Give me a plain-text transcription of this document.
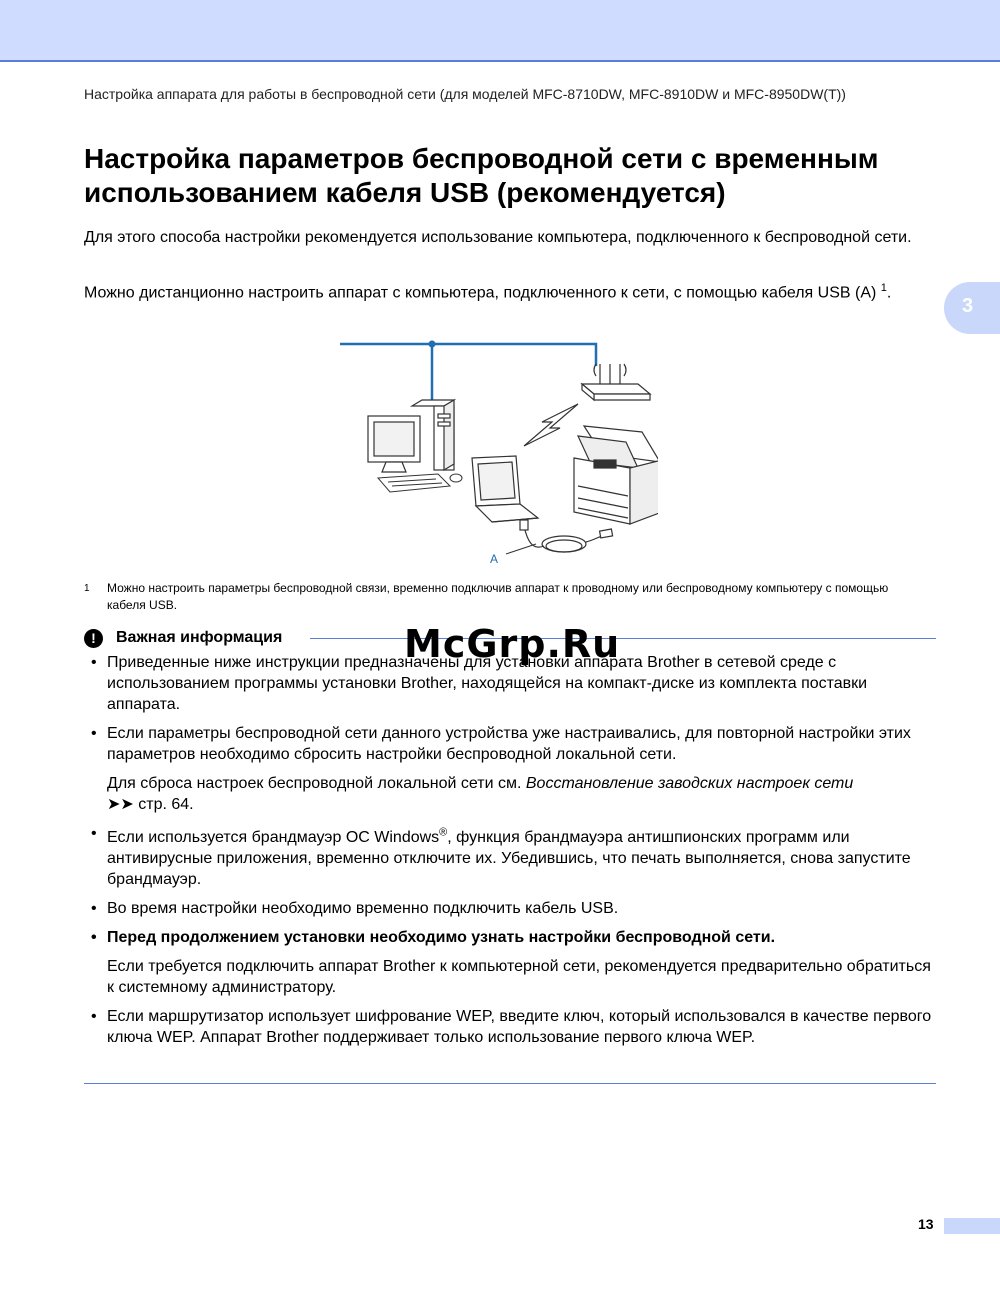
Настройка аппарата для работы в беспроводной сети (для моделей MFC-8710DW, MFC-8910DW и MFC-8950DW(T))
3
Настройка параметров беспроводной сети с временным использованием кабеля USB (рекомендуется)
Для этого способа настройки рекомендуется использование компьютера, подключенного к беспроводной сети.
Можно дистанционно настроить аппарат с компьютера, подключенного к сети, с помощью кабеля USB (A) $^1$.
A
1 Можно настроить параметры беспроводной связи, временно подключив аппарат к проводному или беспроводному компьютеру с помощью кабеля USB.
!	Важная информация
• Приведенные ниже инструкции предназначены для установки аппарата Brother в сетевой среде с использованием программы установки Brother, находящейся на компакт-диске из комплекта поставки аппарата.
• Если параметры беспроводной сети данного устройства уже настраивались, для повторной настройки этих параметров необходимо сбросить настройки беспроводной локальной сети.
Для сброса настроек беспроводной локальной сети см. Восстановление заводских настроек сети
➤➤ стр. 64.
• Если используется брандмауэр ОС Windows®, функция брандмауэра антишпионских программ или антивирусные приложения, временно отключите их. Убедившись, что печать выполняется, снова запустите брандмауэр.
• Во время настройки необходимо временно подключить кабель USB.
• Перед продолжением установки необходимо узнать настройки беспроводной сети.
Если требуется подключить аппарат Brother к компьютерной сети, рекомендуется предварительно обратиться к системному администратору.
• Если маршрутизатор использует шифрование WEP, введите ключ, который использовался в качестве первого ключа WEP. Аппарат Brother поддерживает только использование первого ключа WEP.
McGrp.Ru
13
